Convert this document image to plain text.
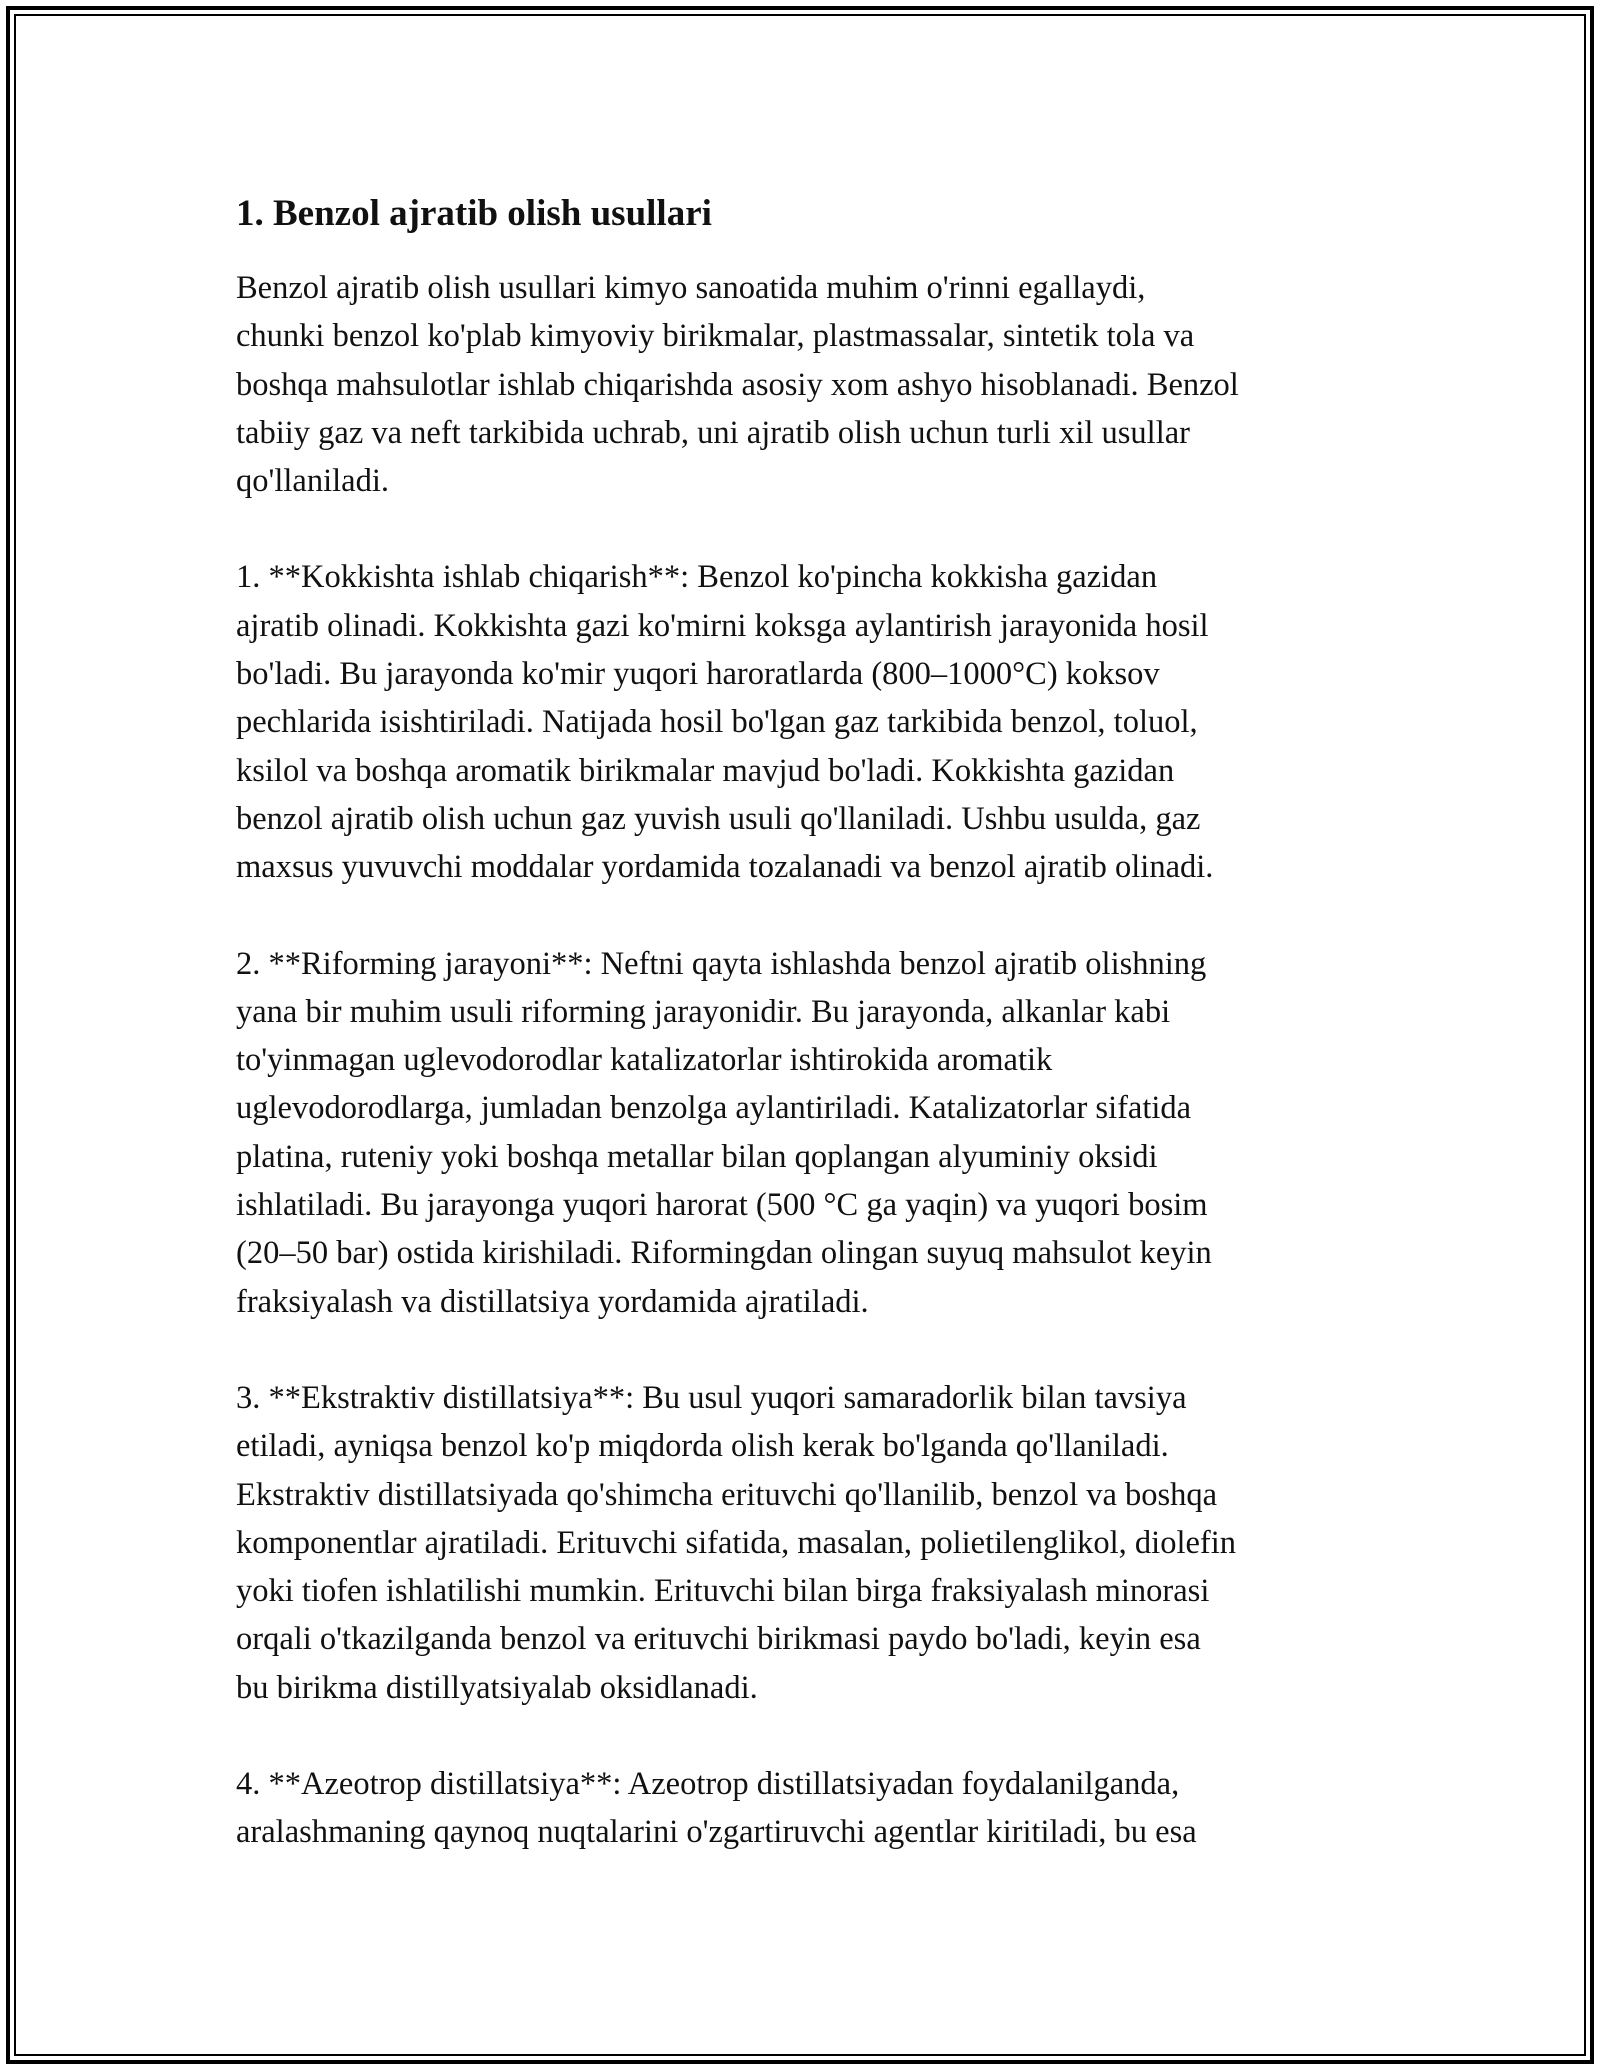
1. Benzol ajratib olish usullari

Benzol ajratib olish usullari kimyo sanoatida muhim o'rinni egallaydi,
chunki benzol ko'plab kimyoviy birikmalar, plastmassalar, sintetik tola va
boshqa mahsulotlar ishlab chiqarishda asosiy xom ashyo hisoblanadi. Benzol
tabiiy gaz va neft tarkibida uchrab, uni ajratib olish uchun turli xil usullar
qo'llaniladi.

1. **Kokkishta ishlab chiqarish**: Benzol ko'pincha kokkisha gazidan
ajratib olinadi. Kokkishta gazi ko'mirni koksga aylantirish jarayonida hosil
bo'ladi. Bu jarayonda ko'mir yuqori haroratlarda (800–1000°C) koksov
pechlarida isishtiriladi. Natijada hosil bo'lgan gaz tarkibida benzol, toluol,
ksilol va boshqa aromatik birikmalar mavjud bo'ladi. Kokkishta gazidan
benzol ajratib olish uchun gaz yuvish usuli qo'llaniladi. Ushbu usulda, gaz
maxsus yuvuvchi moddalar yordamida tozalanadi va benzol ajratib olinadi.

2. **Riforming jarayoni**: Neftni qayta ishlashda benzol ajratib olishning
yana bir muhim usuli riforming jarayonidir. Bu jarayonda, alkanlar kabi
to'yinmagan uglevodorodlar katalizatorlar ishtirokida aromatik
uglevodorodlarga, jumladan benzolga aylantiriladi. Katalizatorlar sifatida
platina, ruteniy yoki boshqa metallar bilan qoplangan alyuminiy oksidi
ishlatiladi. Bu jarayonga yuqori harorat (500 °C ga yaqin) va yuqori bosim
(20–50 bar) ostida kirishiladi. Riformingdan olingan suyuq mahsulot keyin
fraksiyalash va distillatsiya yordamida ajratiladi.

3. **Ekstraktiv distillatsiya**: Bu usul yuqori samaradorlik bilan tavsiya
etiladi, ayniqsa benzol ko'p miqdorda olish kerak bo'lganda qo'llaniladi.
Ekstraktiv distillatsiyada qo'shimcha erituvchi qo'llanilib, benzol va boshqa
komponentlar ajratiladi. Erituvchi sifatida, masalan, polietilenglikol, diolefin
yoki tiofen ishlatilishi mumkin. Erituvchi bilan birga fraksiyalash minorasi
orqali o'tkazilganda benzol va erituvchi birikmasi paydo bo'ladi, keyin esa
bu birikma distillyatsiyalab oksidlanadi.

4. **Azeotrop distillatsiya**: Azeotrop distillatsiyadan foydalanilganda,
aralashmaning qaynoq nuqtalarini o'zgartiruvchi agentlar kiritiladi, bu esa
